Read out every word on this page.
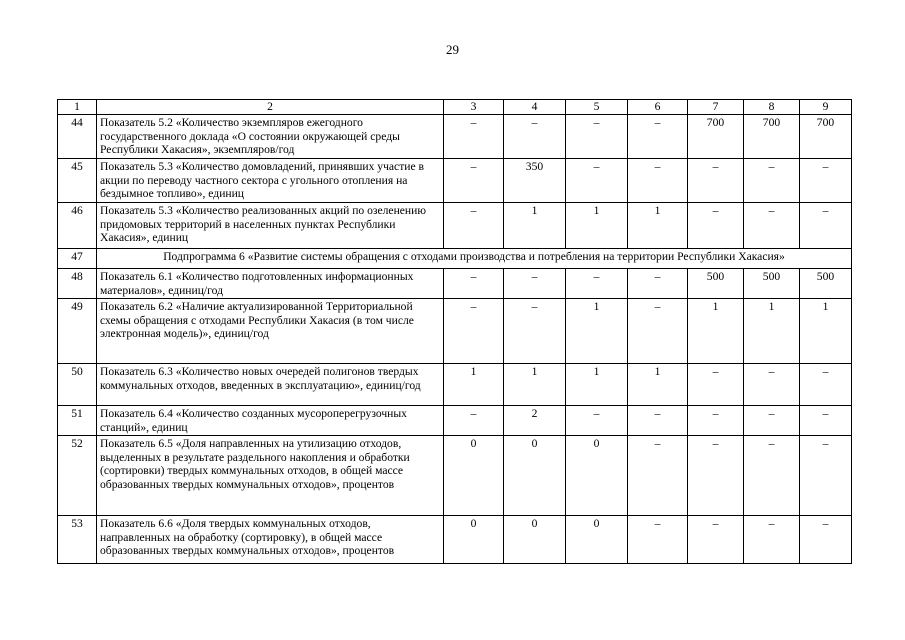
29
1	2	3	4	5	6	7	8	9
44	Показатель 5.2 «Количество экземпляров ежегодного государственного доклада «О состоянии окружающей среды Республики Хакасия», экземпляров/год	–	–	–	–	700	700	700
45	Показатель 5.3 «Количество домовладений, принявших участие в акции по переводу частного сектора с угольного отопления на бездымное топливо», единиц	–	350	–	–	–	–	–
46	Показатель 5.3 «Количество реализованных акций по озеленению придомовых территорий в населенных пунктах Республики Хакасия», единиц	–	1	1	1	–	–	–
47	Подпрограмма 6 «Развитие системы обращения с отходами производства и потребления на территории Республики Хакасия»							
48	Показатель 6.1 «Количество подготовленных информационных материалов», единиц/год	–	–	–	–	500	500	500
49	Показатель 6.2 «Наличие актуализированной Территориальной схемы обращения с отходами Республики Хакасия (в том числе электронная модель)», единиц/год	–	–	1	–	1	1	1
50	Показатель 6.3 «Количество новых очередей полигонов твердых коммунальных отходов, введенных в эксплуатацию», единиц/год	1	1	1	1	–	–	–
51	Показатель 6.4 «Количество созданных мусороперегрузочных станций», единиц	–	2	–	–	–	–	–
52	Показатель 6.5 «Доля направленных на утилизацию отходов, выделенных в результате раздельного накопления и обработки (сортировки) твердых коммунальных отходов, в общей массе образованных твердых коммунальных отходов», процентов	0	0	0	–	–	–	–
53	Показатель 6.6 «Доля твердых коммунальных отходов, направленных на обработку (сортировку), в общей массе образованных твердых коммунальных отходов», процентов	0	0	0	–	–	–	–
